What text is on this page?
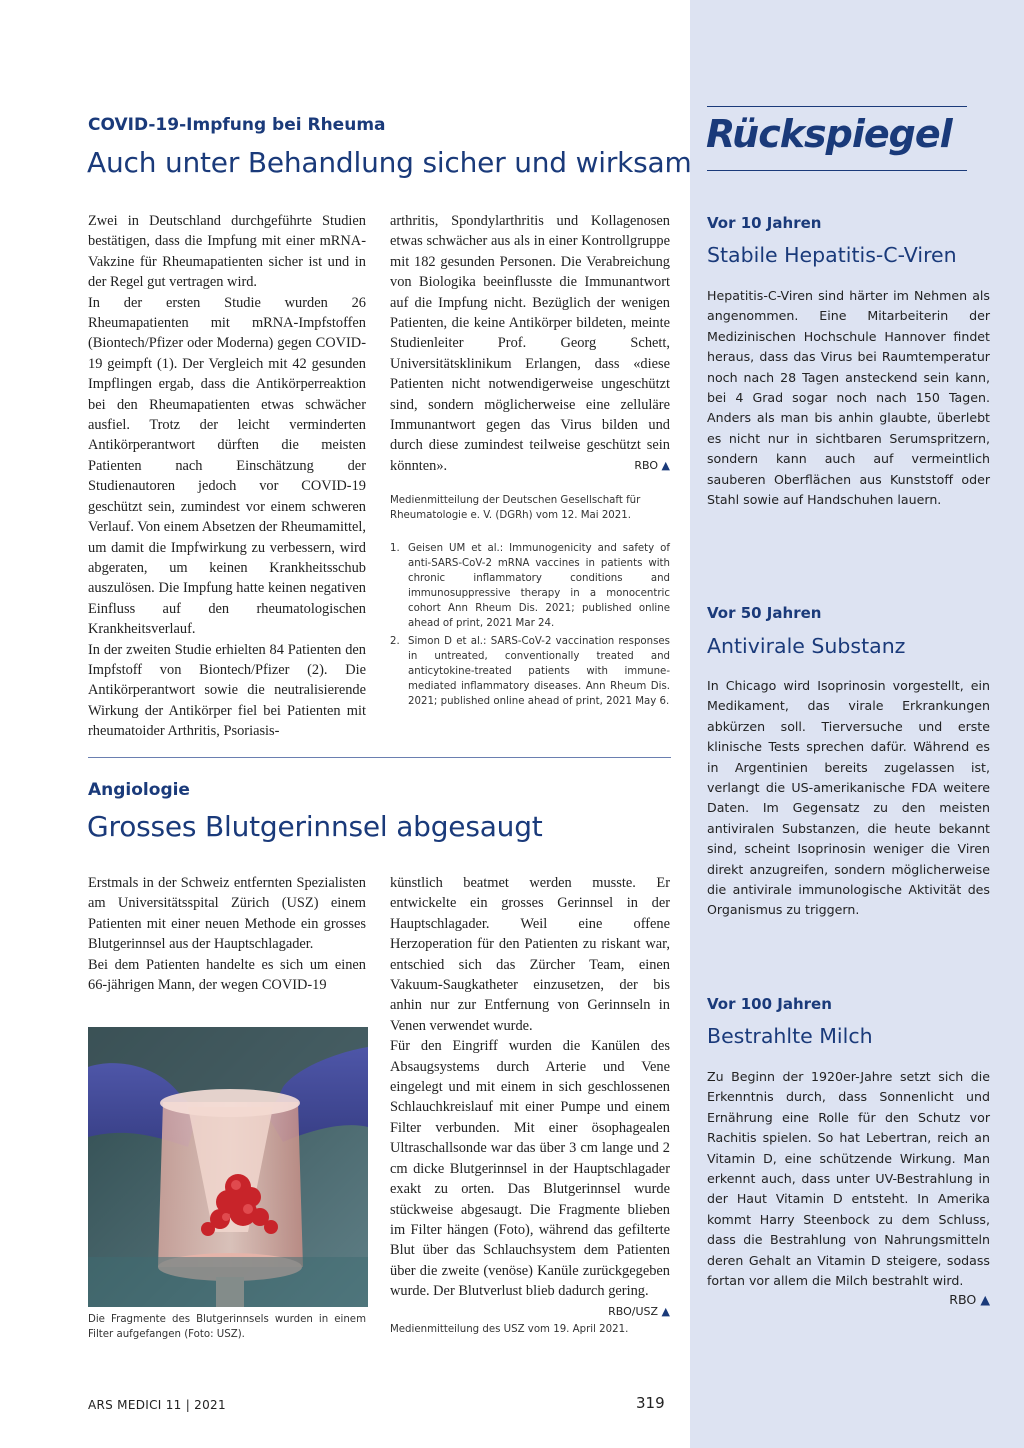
COVID-19-Impfung bei Rheuma
Auch unter Behandlung sicher und wirksam

Zwei in Deutschland durchgeführte Studien bestätigen, dass die Impfung mit einer mRNA-Vakzine für Rheumapatienten sicher ist und in der Regel gut vertragen wird.

In der ersten Studie wurden 26 Rheumapatienten mit mRNA-Impfstoffen (Biontech/Pfizer oder Moderna) gegen COVID-19 geimpft (1). Der Vergleich mit 42 gesunden Impflingen ergab, dass die Antikörperreaktion bei den Rheumapatienten etwas schwächer ausfiel. Trotz der leicht verminderten Antikörperantwort dürften die meisten Patienten nach Einschätzung der Studienautoren jedoch vor COVID-19 geschützt sein, zumindest vor einem schweren Verlauf. Von einem Absetzen der Rheumamittel, um damit die Impfwirkung zu verbessern, wird abgeraten, um keinen Krankheitsschub auszulösen. Die Impfung hatte keinen negativen Einfluss auf den rheumatologischen Krankheitsverlauf.

In der zweiten Studie erhielten 84 Patienten den Impfstoff von Biontech/Pfizer (2). Die Antikörperantwort sowie die neutralisierende Wirkung der Antikörper fiel bei Patienten mit rheumatoider Arthritis, Psoriasis-

arthritis, Spondylarthritis und Kollagenosen etwas schwächer aus als in einer Kontrollgruppe mit 182 gesunden Personen. Die Verabreichung von Biologika beeinflusste die Immunantwort auf die Impfung nicht. Bezüglich der wenigen Patienten, die keine Antikörper bildeten, meinte Studienleiter Prof. Georg Schett, Universitätsklinikum Erlangen, dass «diese Patienten nicht notwendigerweise ungeschützt sind, sondern möglicherweise eine zelluläre Immunantwort gegen das Virus bilden und durch diese zumindest teilweise geschützt sein könnten».	RBO ▲

Medienmitteilung der Deutschen Gesellschaft für Rheumatologie e. V. (DGRh) vom 12. Mai 2021.
1. Geisen UM et al.: Immunogenicity and safety of anti-SARS-CoV-2 mRNA vaccines in patients with chronic inflammatory conditions and immunosuppressive therapy in a monocentric cohort Ann Rheum Dis. 2021; published online ahead of print, 2021 Mar 24.
2. Simon D et al.: SARS-CoV-2 vaccination responses in untreated, conventionally treated and anticytokine-treated patients with immune-mediated inflammatory diseases. Ann Rheum Dis. 2021; published online ahead of print, 2021 May 6.
Angiologie
Grosses Blutgerinnsel abgesaugt

Erstmals in der Schweiz entfernten Spezialisten am Universitätsspital Zürich (USZ) einem Patienten mit einer neuen Methode ein grosses Blutgerinnsel aus der Hauptschlagader.

Bei dem Patienten handelte es sich um einen 66-jährigen Mann, der wegen COVID-19

Die Fragmente des Blutgerinnsels wurden in einem Filter aufgefangen (Foto: USZ).

künstlich beatmet werden musste. Er entwickelte ein grosses Gerinnsel in der Hauptschlagader. Weil eine offene Herzoperation für den Patienten zu riskant war, entschied sich das Zürcher Team, einen Vakuum-Saugkatheter einzusetzen, der bis anhin nur zur Entfernung von Gerinnseln in Venen verwendet wurde.

Für den Eingriff wurden die Kanülen des Absaugsystems durch Arterie und Vene eingelegt und mit einem in sich geschlossenen Schlauchkreislauf mit einer Pumpe und einem Filter verbunden. Mit einer ösophagealen Ultraschallsonde war das über 3 cm lange und 2 cm dicke Blutgerinnsel in der Hauptschlagader exakt zu orten. Das Blutgerinnsel wurde stückweise abgesaugt. Die Fragmente blieben im Filter hängen (Foto), während das gefilterte Blut über das Schlauchsystem dem Patienten über die zweite (venöse) Kanüle zurückgegeben wurde. Der Blutverlust blieb dadurch gering.
RBO/USZ ▲

Medienmitteilung des USZ vom 19. April 2021.
Rückspiegel
Vor 10 Jahren
Stabile Hepatitis-C-Viren
Hepatitis-C-Viren sind härter im Nehmen als angenommen. Eine Mitarbeiterin der Medizinischen Hochschule Hannover findet heraus, dass das Virus bei Raumtemperatur noch nach 28 Tagen ansteckend sein kann, bei 4 Grad sogar noch nach 150 Tagen. Anders als man bis anhin glaubte, überlebt es nicht nur in sichtbaren Serumspritzern, sondern kann auch auf vermeintlich sauberen Oberflächen aus Kunststoff oder Stahl sowie auf Handschuhen lauern.
Vor 50 Jahren
Antivirale Substanz
In Chicago wird Isoprinosin vorgestellt, ein Medikament, das virale Erkrankungen abkürzen soll. Tierversuche und erste klinische Tests sprechen dafür. Während es in Argentinien bereits zugelassen ist, verlangt die US-amerikanische FDA weitere Daten. Im Gegensatz zu den meisten antiviralen Substanzen, die heute bekannt sind, scheint Isoprinosin weniger die Viren direkt anzugreifen, sondern möglicherweise die antivirale immunologische Aktivität des Organismus zu triggern.
Vor 100 Jahren
Bestrahlte Milch
Zu Beginn der 1920er-Jahre setzt sich die Erkenntnis durch, dass Sonnenlicht und Ernährung eine Rolle für den Schutz vor Rachitis spielen. So hat Lebertran, reich an Vitamin D, eine schützende Wirkung. Man erkennt auch, dass unter UV-Bestrahlung in der Haut Vitamin D entsteht. In Amerika kommt Harry Steenbock zu dem Schluss, dass die Bestrahlung von Nahrungsmitteln deren Gehalt an Vitamin D steigere, sodass fortan vor allem die Milch bestrahlt wird.
RBO ▲
ARS MEDICI 11 | 2021	319
